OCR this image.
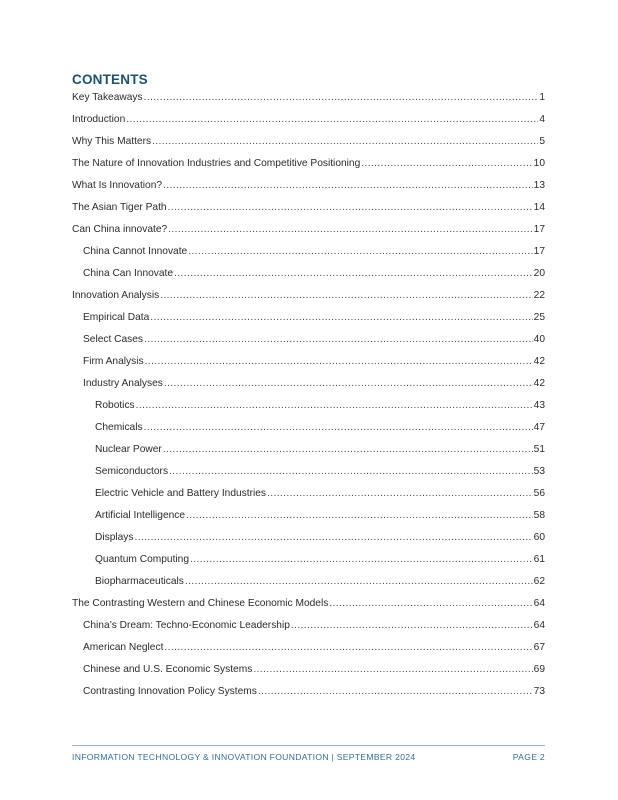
CONTENTS
Key Takeaways .....	1
Introduction .....	4
Why This Matters .....	5
The Nature of Innovation Industries and Competitive Positioning .....	10
What Is Innovation? .....	13
The Asian Tiger Path .....	14
Can China innovate? .....	17
China Cannot Innovate .....	17
China Can Innovate .....	20
Innovation Analysis .....	22
Empirical Data .....	25
Select Cases .....	40
Firm Analysis .....	42
Industry Analyses .....	42
Robotics .....	43
Chemicals .....	47
Nuclear Power .....	51
Semiconductors .....	53
Electric Vehicle and Battery Industries .....	56
Artificial Intelligence .....	58
Displays .....	60
Quantum Computing .....	61
Biopharmaceuticals .....	62
The Contrasting Western and Chinese Economic Models .....	64
China’s Dream: Techno-Economic Leadership .....	64
American Neglect .....	67
Chinese and U.S. Economic Systems .....	69
Contrasting Innovation Policy Systems .....	73
INFORMATION TECHNOLOGY & INNOVATION FOUNDATION | SEPTEMBER 2024	PAGE 2
